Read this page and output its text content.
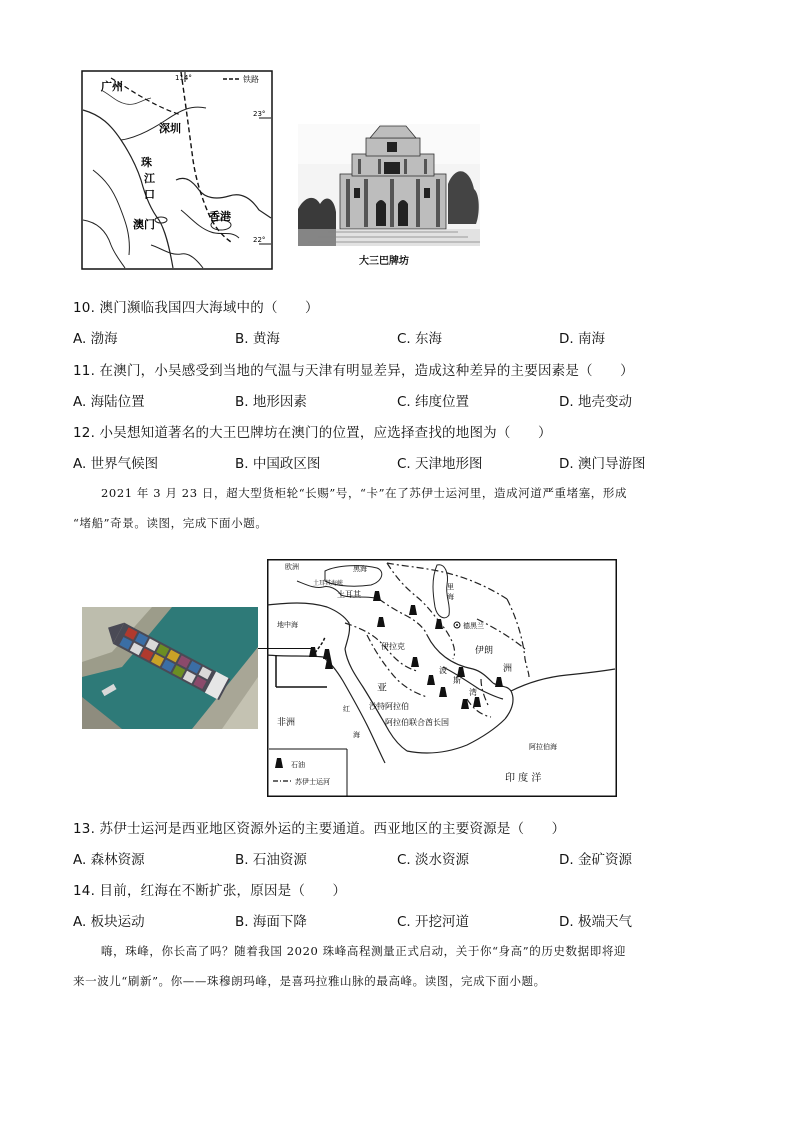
铁路
114°
23°
22°
广州
深圳
珠
江
口
澳门
香港
大三巴牌坊
10. 澳门濒临我国四大海域中的（　　）
A. 渤海	B. 黄海	C. 东海	D. 南海
11. 在澳门，小吴感受到当地的气温与天津有明显差异，造成这种差异的主要因素是（　　）
A. 海陆位置	B. 地形因素	C. 纬度位置	D. 地壳变动
12. 小吴想知道著名的大王巴牌坊在澳门的位置，应选择查找的地图为（　　）
A. 世界气候图	B. 中国政区图	C. 天津地形图	D. 澳门导游图
2021 年 3 月 23 日，超大型货柜轮“长赐”号，“卡”在了苏伊士运河里，造成河道严重堵塞，形成
“堵船”奇景。读图，完成下面小题。
欧洲	黑海
土耳其海峡
土耳其
里
海
德黑兰
地中海
伊拉克	伊朗
洲
波
斯
湾
亚
沙特阿拉伯
阿拉伯联合酋长国
非洲
红
海
阿拉伯海
印 度 洋
石油
苏伊士运河
13. 苏伊士运河是西亚地区资源外运的主要通道。西亚地区的主要资源是（　　）
A. 森林资源	B. 石油资源	C. 淡水资源	D. 金矿资源
14. 目前，红海在不断扩张，原因是（　　）
A. 板块运动	B. 海面下降	C. 开挖河道	D. 极端天气
嗨，珠峰，你长高了吗？随着我国 2020 珠峰高程测量正式启动，关于你“身高”的历史数据即将迎
来一波儿“刷新”。你——珠穆朗玛峰，是喜玛拉雅山脉的最高峰。读图，完成下面小题。
